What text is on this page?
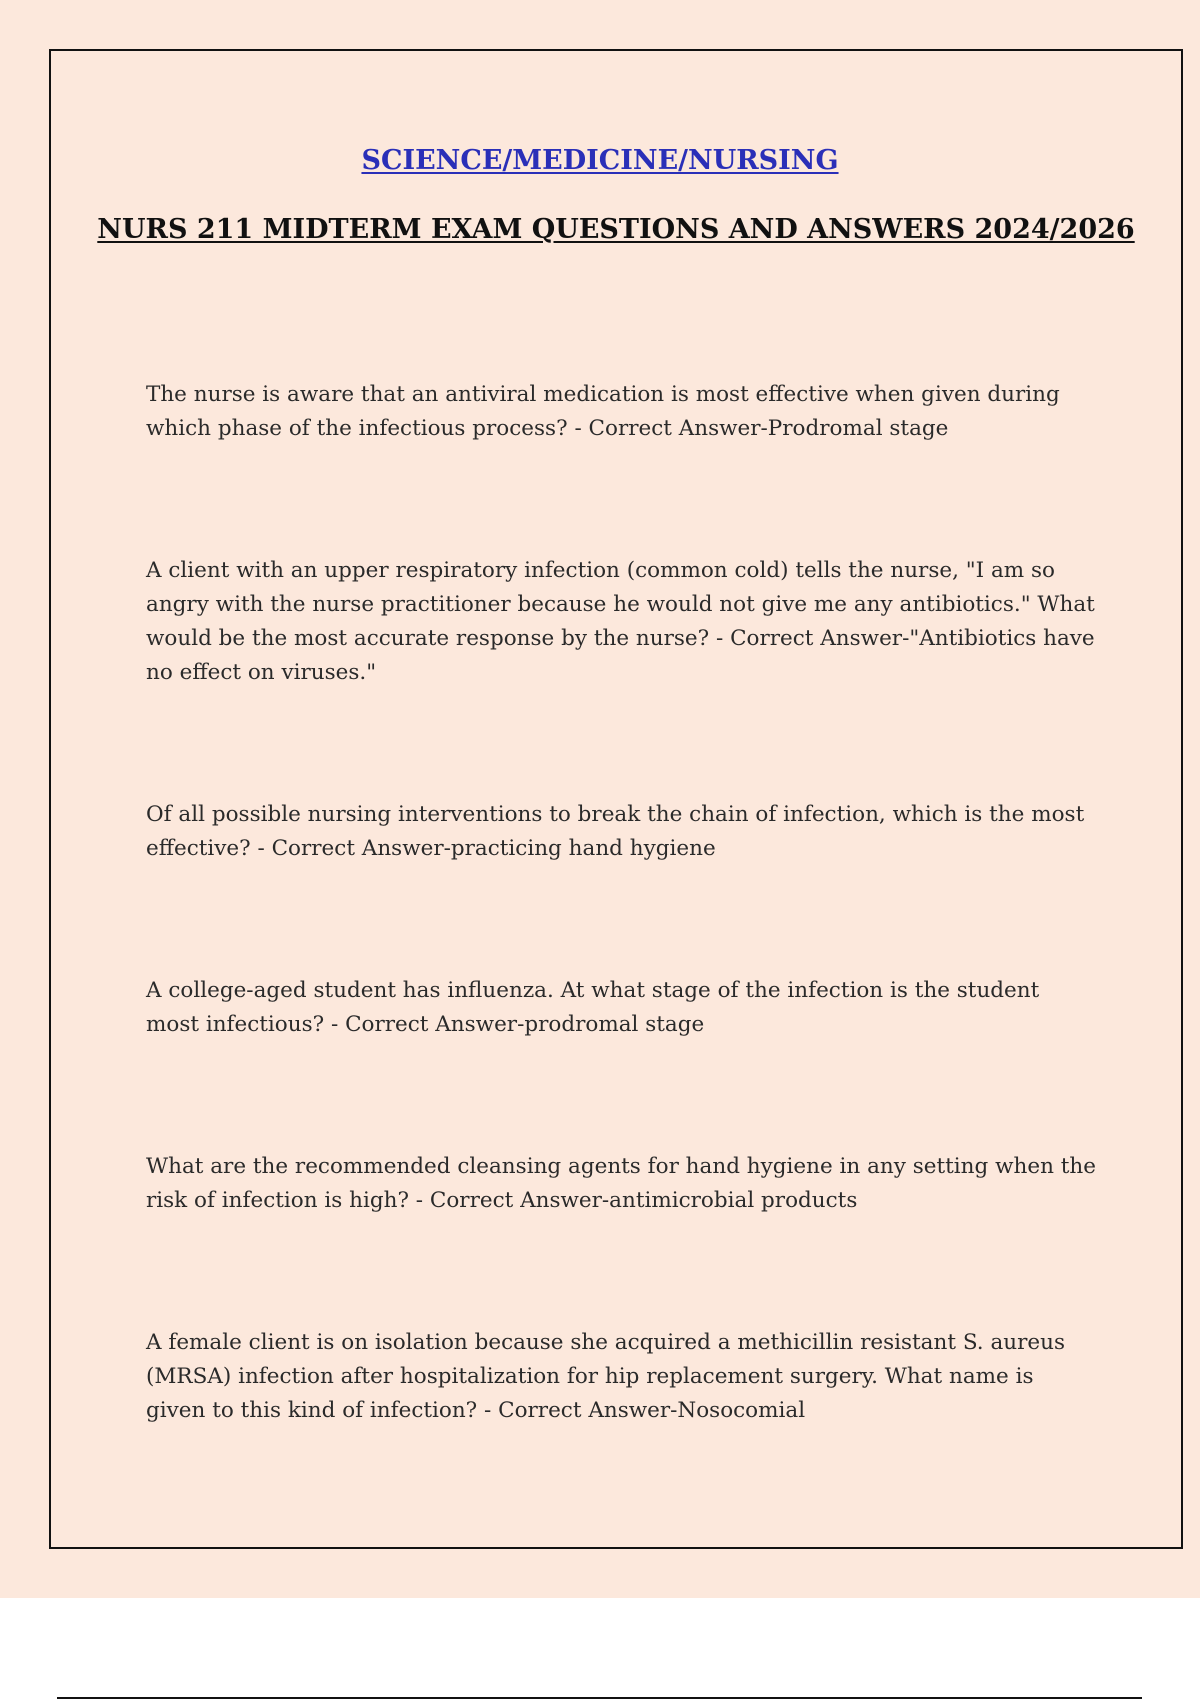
SCIENCE/MEDICINE/NURSING

NURS 211 MIDTERM EXAM QUESTIONS AND ANSWERS 2024/2026
The nurse is aware that an antiviral medication is most effective when given during which phase of the infectious process? - Correct Answer-Prodromal stage
A client with an upper respiratory infection (common cold) tells the nurse, "I am so angry with the nurse practitioner because he would not give me any antibiotics." What would be the most accurate response by the nurse? - Correct Answer-"Antibiotics have no effect on viruses."
Of all possible nursing interventions to break the chain of infection, which is the most effective? - Correct Answer-practicing hand hygiene
A college-aged student has influenza. At what stage of the infection is the student most infectious? - Correct Answer-prodromal stage
What are the recommended cleansing agents for hand hygiene in any setting when the risk of infection is high? - Correct Answer-antimicrobial products
A female client is on isolation because she acquired a methicillin resistant S. aureus (MRSA) infection after hospitalization for hip replacement surgery. What name is given to this kind of infection? - Correct Answer-Nosocomial
